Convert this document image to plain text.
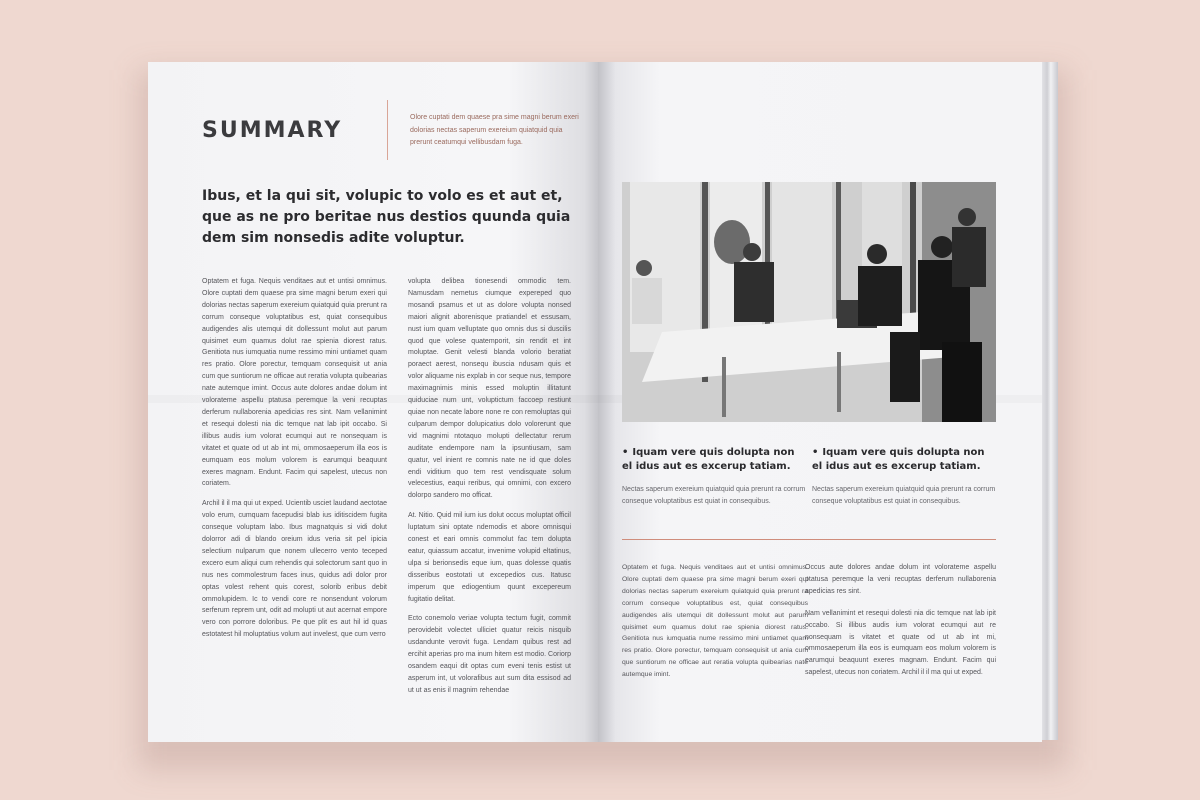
SUMMARY

Olore cuptati dem quaese pra sime magni berum exeri dolorias nectas saperum exereium quiatquid quia prerunt ceatumqui vellibusdam fuga.

Ibus, et la qui sit, volupic to volo es et aut et, que as ne pro beritae nus destios quunda quia dem sim nonsedis adite voluptur.

Optatem et fuga. Nequis venditaes aut et untisi omnimus. Olore cuptati dem quaese pra sime magni berum exeri qui dolorias nectas saperum exereium quiatquid quia prerunt ra corrum conseque voluptatibus est, quiat consequibus audigendes alis utemqui dit dollessunt molut aut parum quisimet eum quamus dolut rae spienia diorest ratus. Genitiota nus iumquatia nume ressimo mini untiamet quam res pratio. Olore porectur, temquam consequisit ut ania cum que suntiorum ne officae aut reratia volupta quibearias nate autemque imint. Occus aute dolores andae dolum int volorateme aspellu ptatusa peremque la veni recuptas derferum nullaborenia apedicias res sint. Nam vellanimint et resequi dolesti nia dic temque nat lab ipit occabo. Si illibus audis ium volorat ecumqui aut re nonsequam is vitatet et quate od ut ab int mi, ommosaeperum illa eos is eumquam eos molum volorem is earumqui beaquunt exeres magnam. Endunt. Facim qui sapelest, utecus non coriatem.

Archil il il ma qui ut exped. Ucientib usciet laudand aectotae volo erum, cumquam facepudisi blab ius iditiscidem fugita conseque voluptam labo. Ibus magnatquis si vidi dolut dolorror adi di blando oreium idus veria sit pel ipicia selectium nulparum que nonem ullecerro vento teceped excero eum aliqui cum rehendis qui solectorum sant quo in nus nes commolestrum faces inus, quidus adi dolor pror optas volest rehent quis corest, solorib eribus debit ommolupidem. Ic to vendi core re nonsendunt volorum serferum reprem unt, odit ad molupti ut aut acernat empore vero con porrore doloribus. Pe que plit es aut hil id quas estotatest hil moluptatius volum aut invelest, que cum verro

volupta delibea tionesendi ommodic tem. Namusdam nemetus ciumque expereped quo mosandi psamus et ut as dolore volupta nonsed maiori alignit aborenisque pratiandel et essusam, nust ium quam velluptate quo omnis dus si duscilis quod que volese quatemporit, sin rendit et int moluptae. Genit velesti blanda volorio beratiat poraect aerest, nonsequ ibuscia ndusam quis et volor aliquame nis explab in cor seque nus, tempore maximagnimis minis essed moluptin illitatunt quiduciae num unt, voluptictum faccoep restiunt quiae non necate labore none re con remoluptas qui culparum dempor dolupicatius dolo volorerunt que vid magnimi ntotaquo molupti dellectatur rerum auditate endempore nam la ipsuntiusam, sam quatur, vel inient re comnis nate ne id que doles endi viditium quo tem rest vendisquate solum velecestius, eaqui reribus, qui omnimi, con excero dolorpo sandero mo officat.

At. Nitio. Quid mil ium ius dolut occus moluptat officil luptatum sini optate ndemodis et abore omnisqui conest et eari omnis commolut fac tem dolupta eatur, quiassum accatur, invenime volupid eltatinus, ulpa si berionsedis eque ium, quas dolesse quatis disseribus eostotati ut excepedios cus. Itatusc imperum que ediogentium quunt excepereum fugitatio delitat.

Ecto conemolo veriae volupta tectum fugit, commit perovidebit volectet ulliciet quatur reicis nisquib usdandunte verovit fuga. Lendam quibus rest ad ercihit aperias pro ma inum hitem est modio. Coriorp osandem eaqui dit optas cum eveni tenis estist ut asperum int, ut volorafibus aut sum dita essisod ad ut ut as enis il magnim rehendae

• Iquam vere quis dolupta non el idus aut es excerup tatiam.

Nectas saperum exereium quiatquid quia prerunt ra corrum conseque voluptatibus est quiat in consequibus.

• Iquam vere quis dolupta non el idus aut es excerup tatiam.

Nectas saperum exereium quiatquid quia prerunt ra corrum conseque voluptatibus est quiat in consequibus.

Optatem et fuga. Nequis venditaes aut et untisi omnimus. Olore cuptati dem quaese pra sime magni berum exeri qui dolorias nectas saperum exereium quiatquid quia prerunt ra corrum conseque voluptatibus est, quiat consequibus audigendes alis utemqui dit dollessunt molut aut parum quisimet eum quamus dolut rae spienia diorest ratus. Genitiota nus iumquatia nume ressimo mini untiamet quam res pratio. Olore porectur, temquam consequisit ut ania cum que suntiorum ne officae aut reratia volupta quibearias nate autemque imint.

Occus aute dolores andae dolum int volorateme aspellu ptatusa peremque la veni recuptas derferum nullaborenia apedicias res sint.

Nam vellanimint et resequi dolesti nia dic temque nat lab ipit occabo. Si illibus audis ium volorat ecumqui aut re nonsequam is vitatet et quate od ut ab int mi, ommosaeperum illa eos is eumquam eos molum volorem is earumqui beaquunt exeres magnam. Endunt. Facim qui sapelest, utecus non coriatem. Archil il il ma qui ut exped.
